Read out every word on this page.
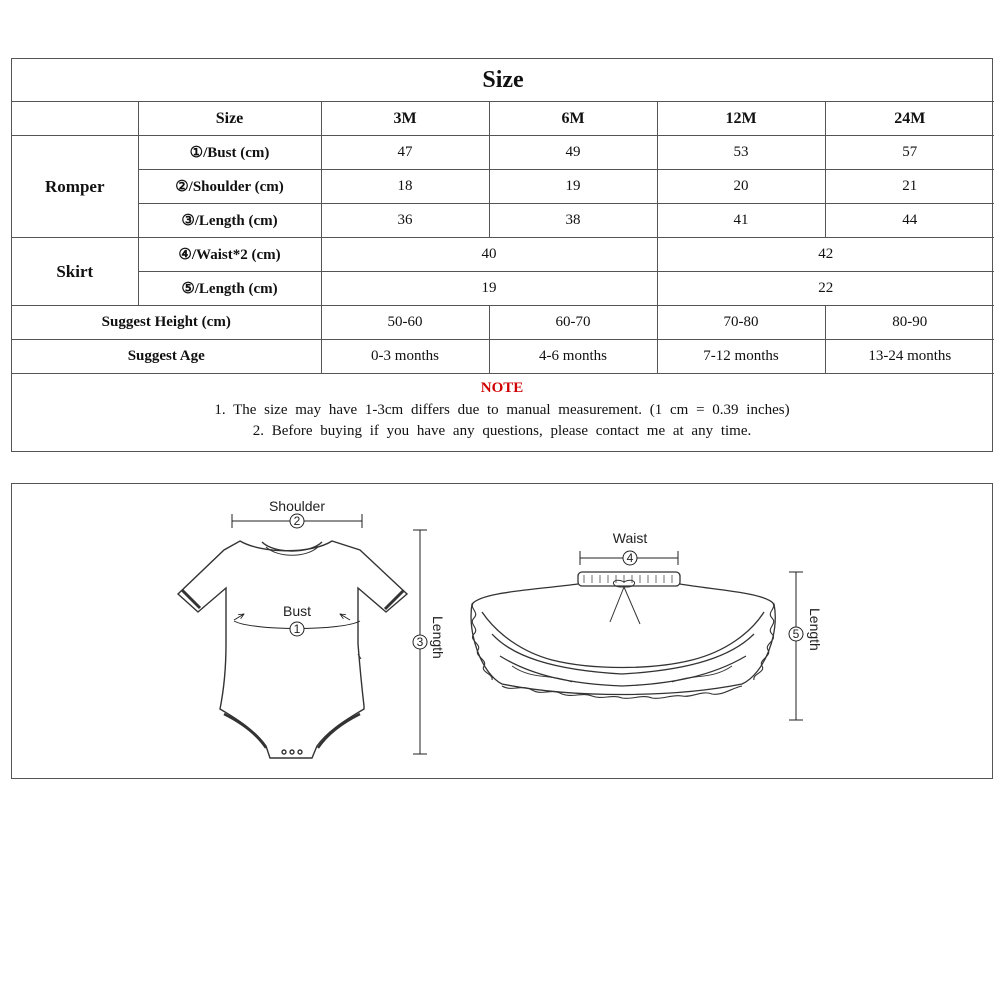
Size					
	Size	3M	6M	12M	24M
Romper	①/Bust (cm)	47	49	53	57
	②/Shoulder (cm)	18	19	20	21
	③/Length (cm)	36	38	41	44
Skirt	④/Waist*2 (cm)	40		42	
	⑤/Length (cm)	19		22	
Suggest Height (cm)		50-60	60-70	70-80	80-90
Suggest Age		0-3 months	4-6 months	7-12 months	13-24 months
NOTE
1. The size may have 1-3cm differs due to manual measurement. (1 cm = 0.39 inches)
2. Before buying if you have any questions, please contact me at any time.
Shoulder
2
Bust
1
3 Length
Waist
4
5 Length
